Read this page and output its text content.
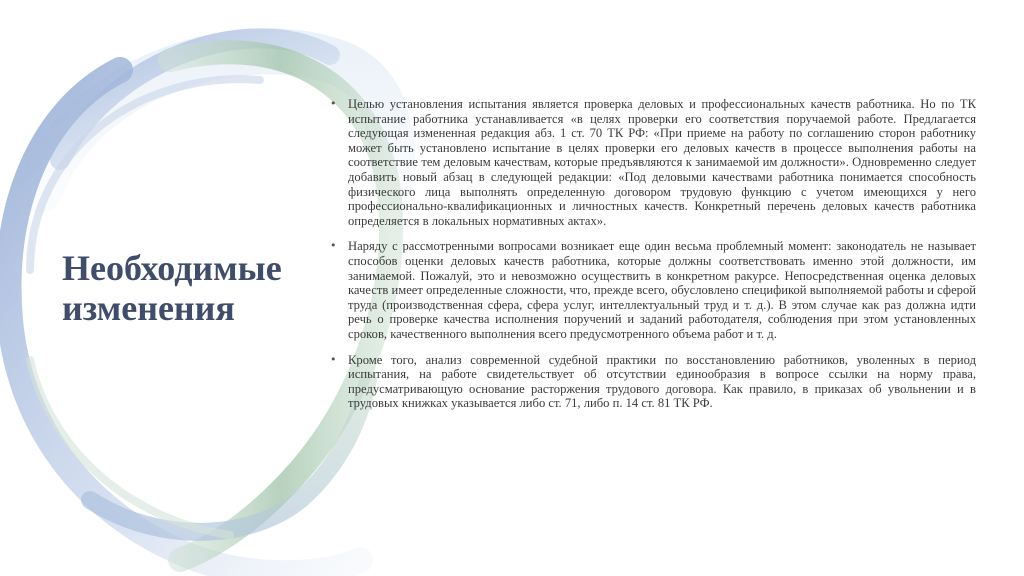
Необходимые
изменения
• Целью установления испытания является проверка деловых и профессиональных качеств работника. Но по ТК испытание работника устанавливается «в целях проверки его соответствия поручаемой работе. Предлагается следующая измененная редакция абз. 1 ст. 70 ТК РФ: «При приеме на работу по соглашению сторон работнику может быть установлено испытание в целях проверки его деловых качеств в процессе выполнения работы на соответствие тем деловым качествам, которые предъявляются к занимаемой им должности». Одновременно следует добавить новый абзац в следующей редакции: «Под деловыми качествами работника понимается способность физического лица выполнять определенную договором трудовую функцию с учетом имеющихся у него профессионально-квалификационных и личностных качеств. Конкретный перечень деловых качеств работника определяется в локальных нормативных актах».
• Наряду с рассмотренными вопросами возникает еще один весьма проблемный момент: законодатель не называет способов оценки деловых качеств работника, которые должны соответствовать именно этой должности, им занимаемой. Пожалуй, это и невозможно осуществить в конкретном ракурсе. Непосредственная оценка деловых качеств имеет определенные сложности, что, прежде всего, обусловлено спецификой выполняемой работы и сферой труда (производственная сфера, сфера услуг, интеллектуальный труд и т. д.). В этом случае как раз должна идти речь о проверке качества исполнения поручений и заданий работодателя, соблюдения при этом установленных сроков, качественного выполнения всего предусмотренного объема работ и т. д.
• Кроме того, анализ современной судебной практики по восстановлению работников, уволенных в период испытания, на работе свидетельствует об отсутствии единообразия в вопросе ссылки на норму права, предусматривающую основание расторжения трудового договора. Как правило, в приказах об увольнении и в трудовых книжках указывается либо ст. 71, либо п. 14 ст. 81 ТК РФ.
